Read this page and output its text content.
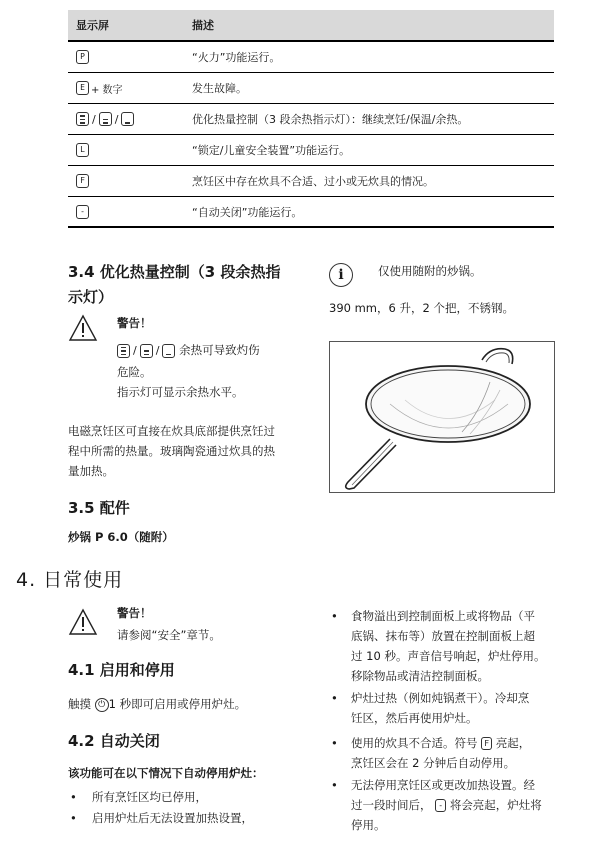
显示屏	描述
P	“火力”功能运行。
E + 数字	发生故障。
/ /	优化热量控制（3 段余热指示灯）：继续烹饪/保温/余热。
L	“锁定/儿童安全装置”功能运行。
F	烹饪区中存在炊具不合适、过小或无炊具的情况。
-	“自动关闭”功能运行。
3.4 优化热量控制（3 段余热指
示灯）
警告！
/ / 余热可导致灼伤
危险。
指示灯可显示余热水平。
电磁烹饪区可直接在炊具底部提供烹饪过
程中所需的热量。玻璃陶瓷通过炊具的热
量加热。
3.5 配件
炒锅 P 6.0（随附）
i	仅使用随附的炒锅。
390 mm，6 升，2 个把，不锈钢。
4. 日常使用
警告！
请参阅“安全”章节。
4.1 启用和停用
触摸 ⏻ 1 秒即可启用或停用炉灶。
4.2 自动关闭
该功能可在以下情况下自动停用炉灶：
• 所有烹饪区均已停用，
• 启用炉灶后无法设置加热设置，
• 食物溢出到控制面板上或将物品（平
底锅、抹布等）放置在控制面板上超
过 10 秒。声音信号响起，炉灶停用。
移除物品或清洁控制面板。
• 炉灶过热（例如炖锅煮干）。冷却烹
饪区，然后再使用炉灶。
• 使用的炊具不合适。符号 F 亮起，
烹饪区会在 2 分钟后自动停用。
• 无法停用烹饪区或更改加热设置。经
过一段时间后， - 将会亮起，炉灶将
停用。
